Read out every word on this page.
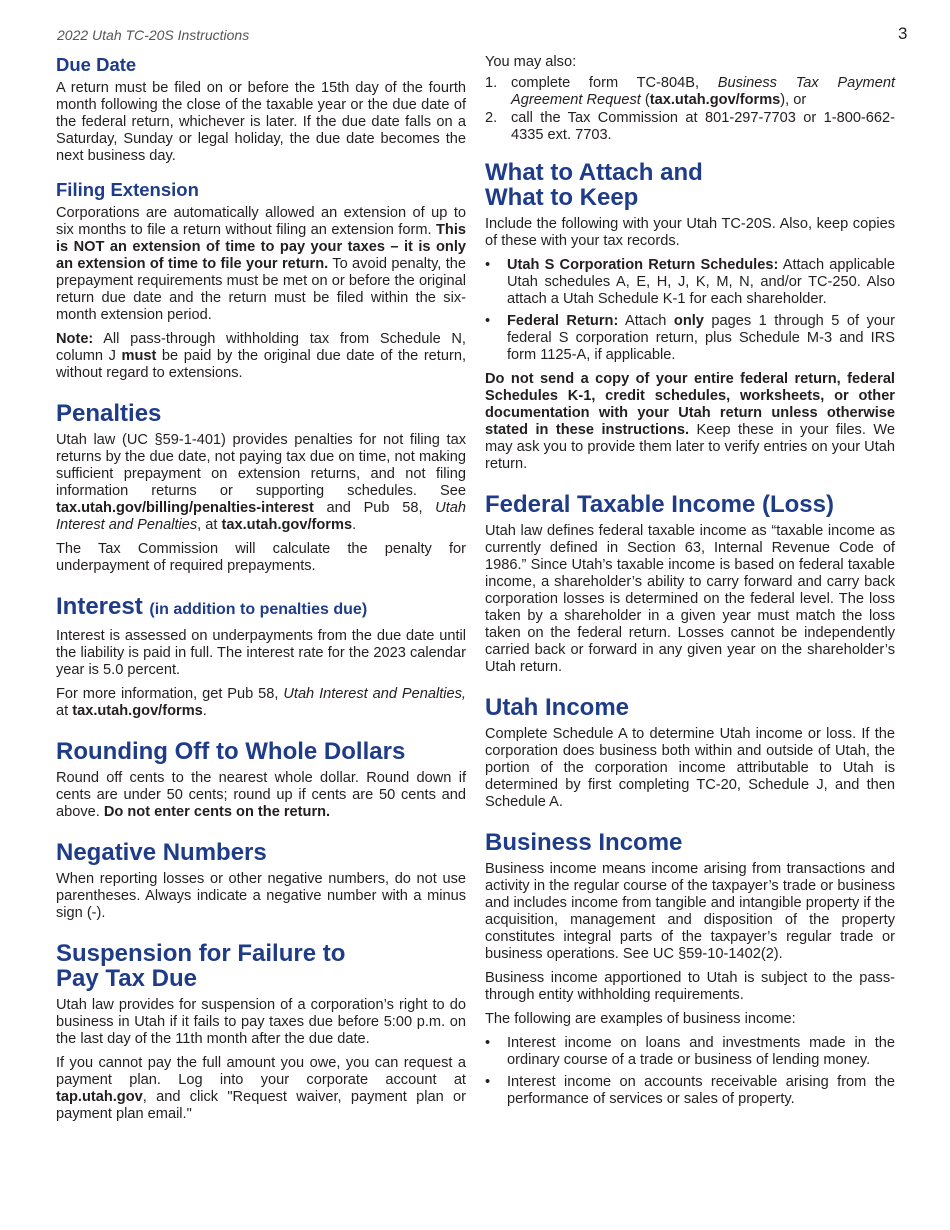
2022 Utah TC-20S Instructions	3
Due Date

A return must be filed on or before the 15th day of the fourth month following the close of the taxable year or the due date of the federal return, whichever is later. If the due date falls on a Saturday, Sunday or legal holiday, the due date becomes the next business day.

Filing Extension

Corporations are automatically allowed an extension of up to six months to file a return without filing an extension form. This is NOT an extension of time to pay your taxes – it is only an extension of time to file your return. To avoid penalty, the prepayment requirements must be met on or before the original return due date and the return must be filed within the six-month extension period.

Note: All pass-through withholding tax from Schedule N, column J must be paid by the original due date of the return, without regard to extensions.

Penalties

Utah law (UC §59-1-401) provides penalties for not filing tax returns by the due date, not paying tax due on time, not making sufficient prepayment on extension returns, and not filing information returns or supporting schedules. See tax.utah.gov/billing/penalties-interest and Pub 58, Utah Interest and Penalties, at tax.utah.gov/forms.

The Tax Commission will calculate the penalty for underpayment of required prepayments.

Interest (in addition to penalties due)

Interest is assessed on underpayments from the due date until the liability is paid in full. The interest rate for the 2023 calendar year is 5.0 percent.

For more information, get Pub 58, Utah Interest and Penalties, at tax.utah.gov/forms.

Rounding Off to Whole Dollars

Round off cents to the nearest whole dollar. Round down if cents are under 50 cents; round up if cents are 50 cents and above. Do not enter cents on the return.

Negative Numbers

When reporting losses or other negative numbers, do not use parentheses. Always indicate a negative number with a minus sign (-).

Suspension for Failure to
Pay Tax Due

Utah law provides for suspension of a corporation’s right to do business in Utah if it fails to pay taxes due before 5:00 p.m. on the last day of the 11th month after the due date.

If you cannot pay the full amount you owe, you can request a payment plan. Log into your corporate account at tap.utah.gov, and click "Request waiver, payment plan or payment plan email."

You may also:

1. complete form TC-804B, Business Tax Payment Agreement Request (tax.utah.gov/forms), or
2. call the Tax Commission at 801-297-7703 or 1-800-662-4335 ext. 7703.
What to Attach and
What to Keep

Include the following with your Utah TC-20S. Also, keep copies of these with your tax records.

• Utah S Corporation Return Schedules: Attach applicable Utah schedules A, E, H, J, K, M, N, and/or TC-250. Also attach a Utah Schedule K-1 for each shareholder.
• Federal Return: Attach only pages 1 through 5 of your federal S corporation return, plus Schedule M-3 and IRS form 1125-A, if applicable.

Do not send a copy of your entire federal return, federal Schedules K-1, credit schedules, worksheets, or other documentation with your Utah return unless otherwise stated in these instructions. Keep these in your files. We may ask you to provide them later to verify entries on your Utah return.

Federal Taxable Income (Loss)

Utah law defines federal taxable income as “taxable income as currently defined in Section 63, Internal Revenue Code of 1986.” Since Utah’s taxable income is based on federal taxable income, a shareholder’s ability to carry forward and carry back corporation losses is determined on the federal level. The loss taken by a shareholder in a given year must match the loss taken on the federal return. Losses cannot be independently carried back or forward in any given year on the shareholder’s Utah return.

Utah Income

Complete Schedule A to determine Utah income or loss. If the corporation does business both within and outside of Utah, the portion of the corporation income attributable to Utah is determined by first completing TC-20, Schedule J, and then Schedule A.

Business Income

Business income means income arising from transactions and activity in the regular course of the taxpayer’s trade or business and includes income from tangible and intangible property if the acquisition, management and disposition of the property constitutes integral parts of the taxpayer’s regular trade or business operations. See UC §59-10-1402(2).

Business income apportioned to Utah is subject to the pass-through entity withholding requirements.

The following are examples of business income:

• Interest income on loans and investments made in the ordinary course of a trade or business of lending money.
• Interest income on accounts receivable arising from the performance of services or sales of property.
